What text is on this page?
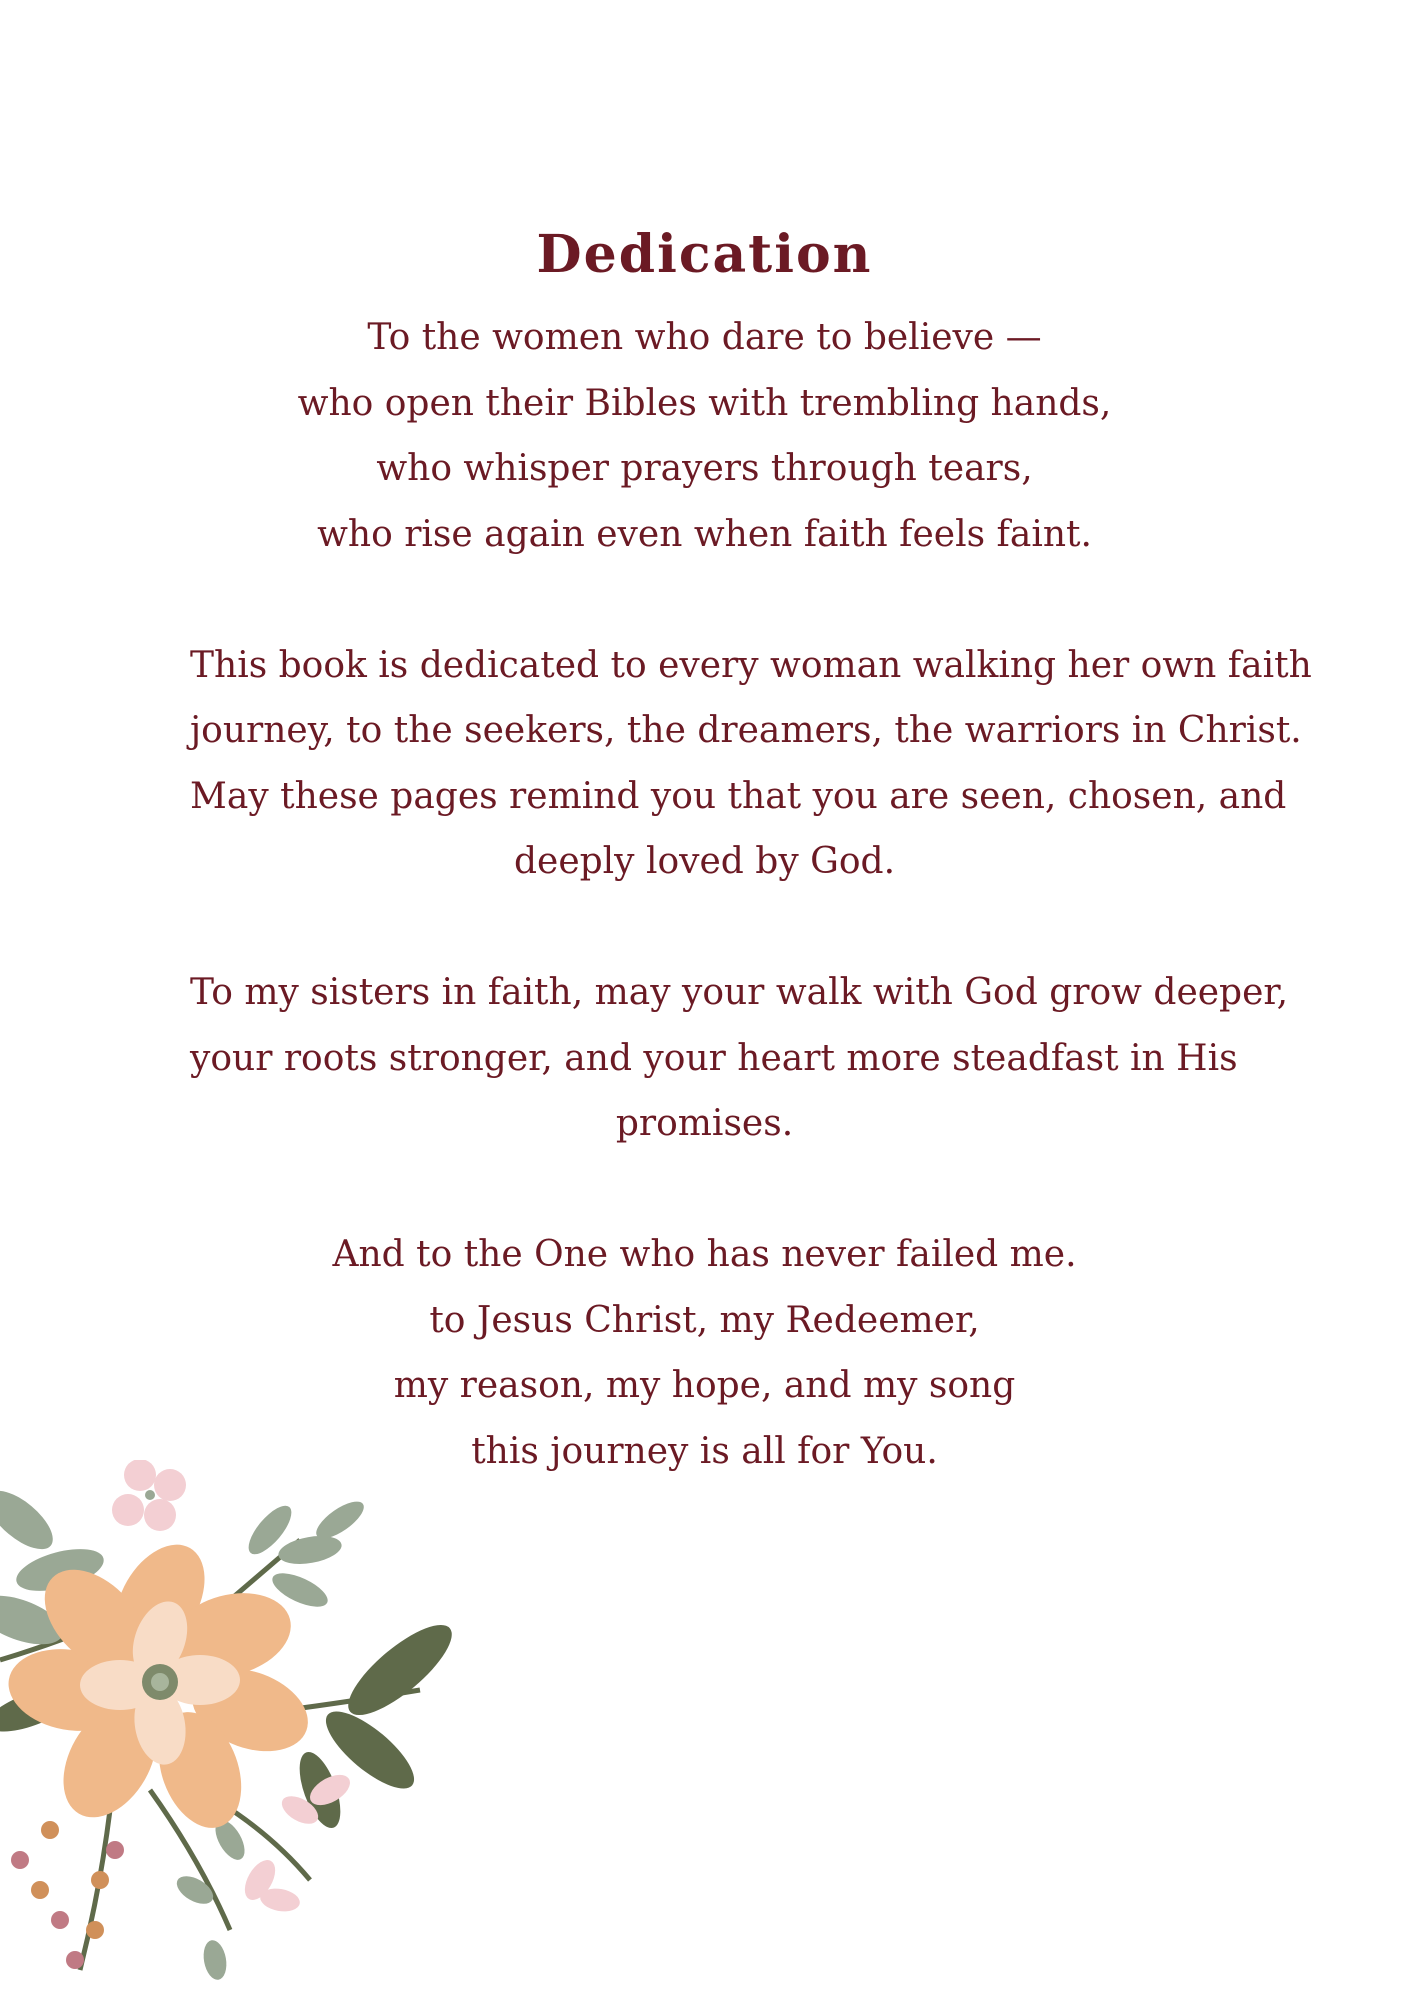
Dedication

To the women who dare to believe —
who open their Bibles with trembling hands,
who whisper prayers through tears,
who rise again even when faith feels faint.

This book is dedicated to every woman walking her own faith
journey, to the seekers, the dreamers, the warriors in Christ.
May these pages remind you that you are seen, chosen, and
deeply loved by God.

To my sisters in faith, may your walk with God grow deeper,
your roots stronger, and your heart more steadfast in His
promises.

And to the One who has never failed me.
to Jesus Christ, my Redeemer,
my reason, my hope, and my song
this journey is all for You.
